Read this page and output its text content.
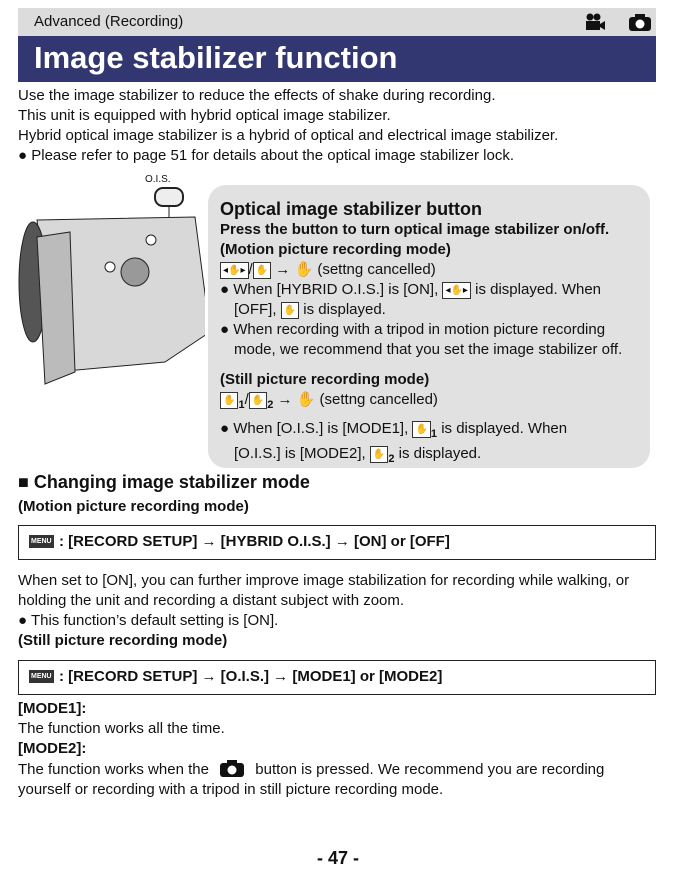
Advanced (Recording)
Image stabilizer function
Use the image stabilizer to reduce the effects of shake during recording.
This unit is equipped with hybrid optical image stabilizer.
Hybrid optical image stabilizer is a hybrid of optical and electrical image stabilizer.
● Please refer to page 51 for details about the optical image stabilizer lock.
O.I.S.
Optical image stabilizer button
Press the button to turn optical image stabilizer on/off.
(Motion picture recording mode)
◂✋▸ / ✋ → ✋ (settng cancelled)
● When [HYBRID O.I.S.] is [ON], ◂✋▸ is displayed. When
[OFF], ✋ is displayed.
● When recording with a tripod in motion picture recording
mode, we recommend that you set the image stabilizer off.
(Still picture recording mode)
✋ $_1$/ ✋ $_2$ → ✋ (settng cancelled)
● When [O.I.S.] is [MODE1], ✋ $_1$ is displayed. When
[O.I.S.] is [MODE2], ✋ $_2$ is displayed.
■ Changing image stabilizer mode
(Motion picture recording mode)
MENU : [RECORD SETUP] → [HYBRID O.I.S.] → [ON] or [OFF]
When set to [ON], you can further improve image stabilization for recording while walking, or
holding the unit and recording a distant subject with zoom.
● This function’s default setting is [ON].
(Still picture recording mode)
MENU : [RECORD SETUP] → [O.I.S.] → [MODE1] or [MODE2]
[MODE1]:
The function works all the time.
[MODE2]:
The function works when the	button is pressed. We recommend you are recording
yourself or recording with a tripod in still picture recording mode.
- 47 -
